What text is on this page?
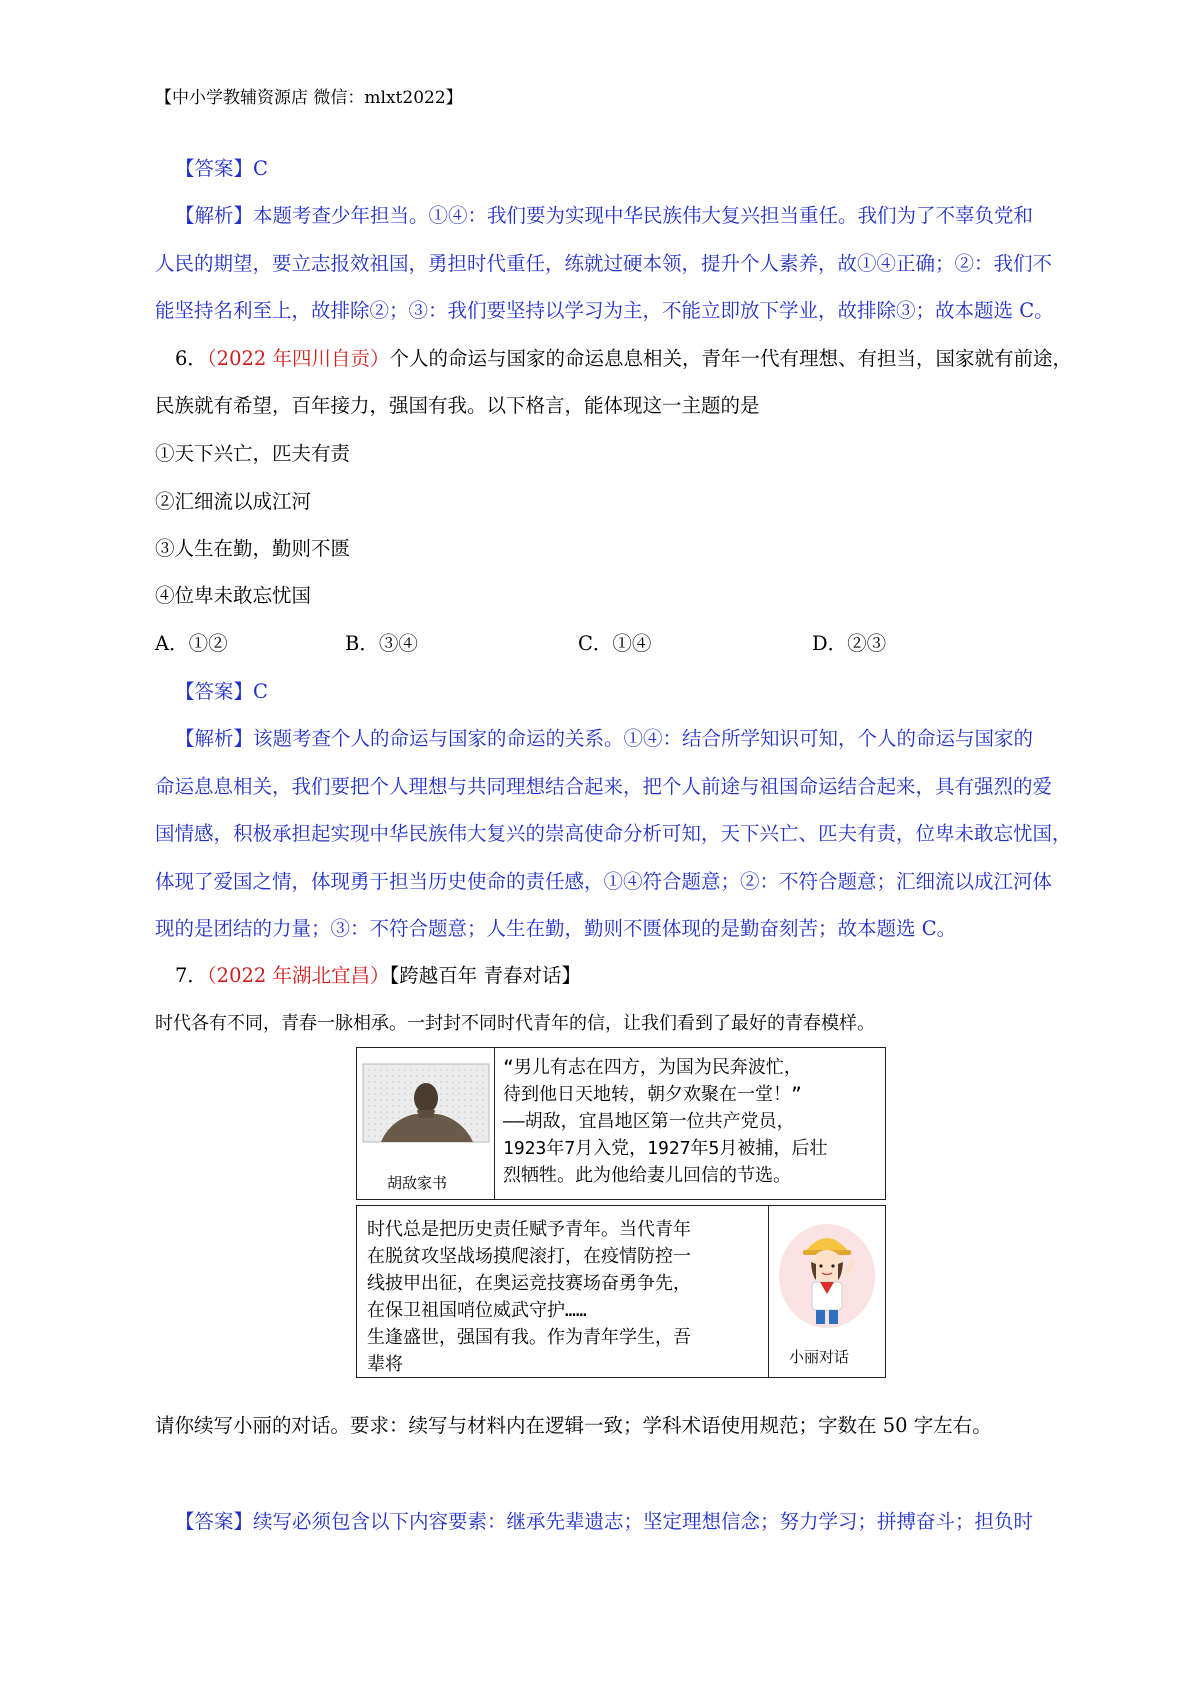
【中小学教辅资源店 微信：mlxt2022】
【答案】C
【解析】本题考查少年担当。①④：我们要为实现中华民族伟大复兴担当重任。我们为了不辜负党和
人民的期望，要立志报效祖国，勇担时代重任，练就过硬本领，提升个人素养，故①④正确；②：我们不
能坚持名利至上，故排除②；③：我们要坚持以学习为主，不能立即放下学业，故排除③；故本题选 C。
6．（2022 年四川自贡）个人的命运与国家的命运息息相关，青年一代有理想、有担当，国家就有前途，
民族就有希望，百年接力，强国有我。以下格言，能体现这一主题的是
①天下兴亡，匹夫有责
②汇细流以成江河
③人生在勤，勤则不匮
④位卑未敢忘忧国
A．①②	B．③④	C．①④	D．②③
【答案】C
【解析】该题考查个人的命运与国家的命运的关系。①④：结合所学知识可知，个人的命运与国家的
命运息息相关，我们要把个人理想与共同理想结合起来，把个人前途与祖国命运结合起来，具有强烈的爱
国情感，积极承担起实现中华民族伟大复兴的崇高使命分析可知，天下兴亡、匹夫有责，位卑未敢忘忧国，
体现了爱国之情，体现勇于担当历史使命的责任感，①④符合题意；②：不符合题意；汇细流以成江河体
现的是团结的力量；③：不符合题意；人生在勤，勤则不匮体现的是勤奋刻苦；故本题选 C。
7．（2022 年湖北宜昌）【跨越百年 青春对话】
时代各有不同，青春一脉相承。一封封不同时代青年的信，让我们看到了最好的青春模样。
胡敌家书
“男儿有志在四方，为国为民奔波忙，
待到他日天地转，朝夕欢聚在一堂！”
——胡敌，宜昌地区第一位共产党员，
1923年7月入党，1927年5月被捕，后壮
烈牺牲。此为他给妻儿回信的节选。
时代总是把历史责任赋予青年。当代青年
在脱贫攻坚战场摸爬滚打，在疫情防控一
线披甲出征，在奥运竞技赛场奋勇争先，
在保卫祖国哨位威武守护……
生逢盛世，强国有我。作为青年学生，吾
辈将	小丽对话
请你续写小丽的对话。要求：续写与材料内在逻辑一致；学科术语使用规范；字数在 50 字左右。
【答案】续写必须包含以下内容要素：继承先辈遗志；坚定理想信念；努力学习；拼搏奋斗；担负时
